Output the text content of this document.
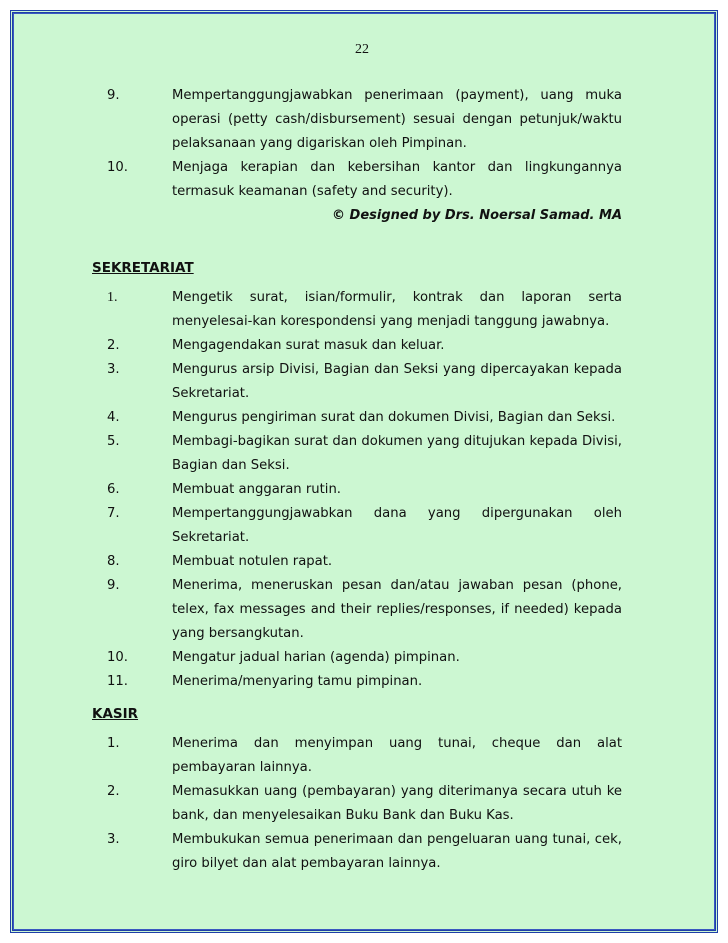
22
9.	Mempertanggungjawabkan penerimaan (payment), uang muka operasi (petty cash/disbursement) sesuai dengan petunjuk/waktu pelaksanaan yang digariskan oleh Pimpinan.
10.	Menjaga kerapian dan kebersihan kantor dan lingkungannya termasuk keamanan (safety and security).
© Designed by Drs. Noersal Samad. MA
SEKRETARIAT
1.	Mengetik surat, isian/formulir, kontrak dan laporan serta menyelesai-kan korespondensi yang menjadi tanggung jawabnya.
2.	Mengagendakan surat masuk dan keluar.
3.	Mengurus arsip Divisi, Bagian dan Seksi yang dipercayakan kepada Sekretariat.
4.	Mengurus pengiriman surat dan dokumen Divisi, Bagian dan Seksi.
5.	Membagi-bagikan surat dan dokumen yang ditujukan kepada Divisi, Bagian dan Seksi.
6.	Membuat anggaran rutin.
7.	Mempertanggungjawabkan dana yang dipergunakan oleh Sekretariat.
8.	Membuat notulen rapat.
9.	Menerima, meneruskan pesan dan/atau jawaban pesan (phone, telex, fax messages and their replies/responses, if needed) kepada yang bersangkutan.
10.	Mengatur jadual harian (agenda) pimpinan.
11.	Menerima/menyaring tamu pimpinan.
KASIR
1.	Menerima dan menyimpan uang tunai, cheque dan alat pembayaran lainnya.
2.	Memasukkan uang (pembayaran) yang diterimanya secara utuh ke bank, dan menyelesaikan Buku Bank dan Buku Kas.
3.	Membukukan semua penerimaan dan pengeluaran uang tunai, cek, giro bilyet dan alat pembayaran lainnya.
